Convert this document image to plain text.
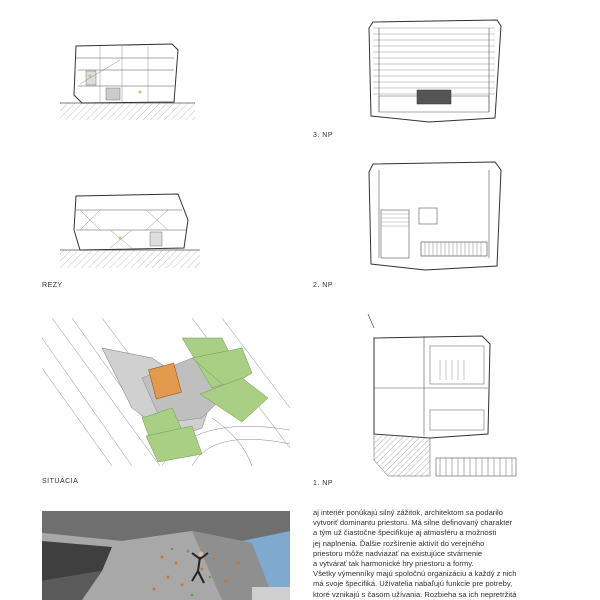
3. NP
REZY	2. NP
SITUÁCIA	1. NP

aj interiér ponúkajú silný zážitok, architektom sa podarilo

vytvoriť dominantu priestoru. Má silne definovaný charakter

a tým už čiastočne špecifikuje aj atmosféru a možnosti

jej naplnenia. Ďalšie rozšírenie aktivít do verejného

priestoru môže nadviazať na existujúce stvárnenie

a vytvárať tak harmonické hry priestoru a formy.

Všetky výmenníky majú spoločnú organizáciu a každý z nich

má svoje špecifiká. Užívatelia nabaľujú funkcie pre potreby,

ktoré vznikajú s časom užívania. Rozbieha sa ich nepretržitá
